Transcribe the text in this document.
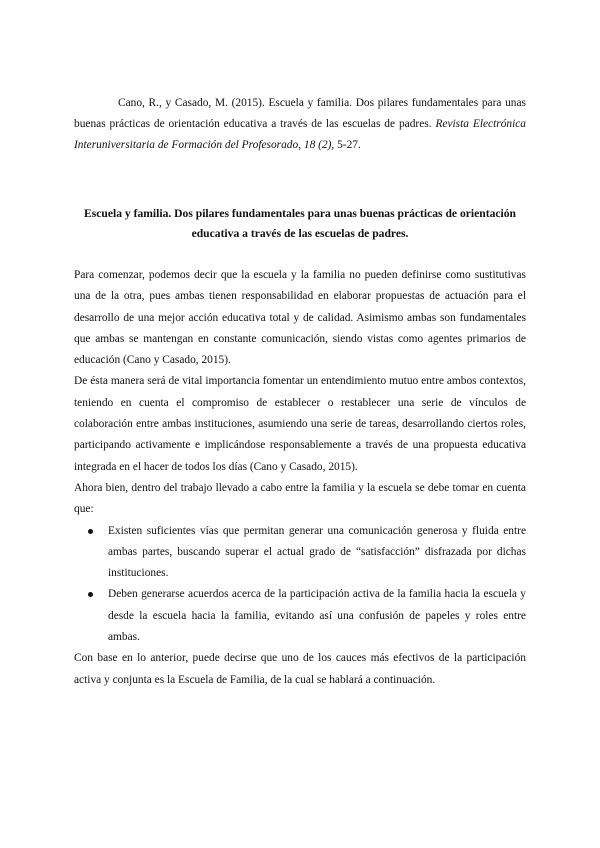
Cano, R., y Casado, M. (2015). Escuela y familia. Dos pilares fundamentales para unas buenas prácticas de orientación educativa a través de las escuelas de padres. Revista Electrónica Interuniversitaria de Formación del Profesorado, 18 (2), 5-27.
Escuela y familia. Dos pilares fundamentales para unas buenas prácticas de orientación educativa a través de las escuelas de padres.

Para comenzar, podemos decir que la escuela y la familia no pueden definirse como sustitutivas una de la otra, pues ambas tienen responsabilidad en elaborar propuestas de actuación para el desarrollo de una mejor acción educativa total y de calidad. Asimismo ambas son fundamentales que ambas se mantengan en constante comunicación, siendo vistas como agentes primarios de educación (Cano y Casado, 2015).

De ésta manera será de vital importancia fomentar un entendimiento mutuo entre ambos contextos, teniendo en cuenta el compromiso de establecer o restablecer una serie de vínculos de colaboración entre ambas instituciones, asumiendo una serie de tareas, desarrollando ciertos roles, participando activamente e implicándose responsablemente a través de una propuesta educativa integrada en el hacer de todos los días (Cano y Casado, 2015).

Ahora bien, dentro del trabajo llevado a cabo entre la familia y la escuela se debe tomar en cuenta que:

Existen suficientes vías que permitan generar una comunicación generosa y fluida entre ambas partes, buscando superar el actual grado de “satisfacción” disfrazada por dichas instituciones.
Deben generarse acuerdos acerca de la participación activa de la familia hacia la escuela y desde la escuela hacia la familia, evitando así una confusión de papeles y roles entre ambas.

Con base en lo anterior, puede decirse que uno de los cauces más efectivos de la participación activa y conjunta es la Escuela de Familia, de la cual se hablará a continuación.
